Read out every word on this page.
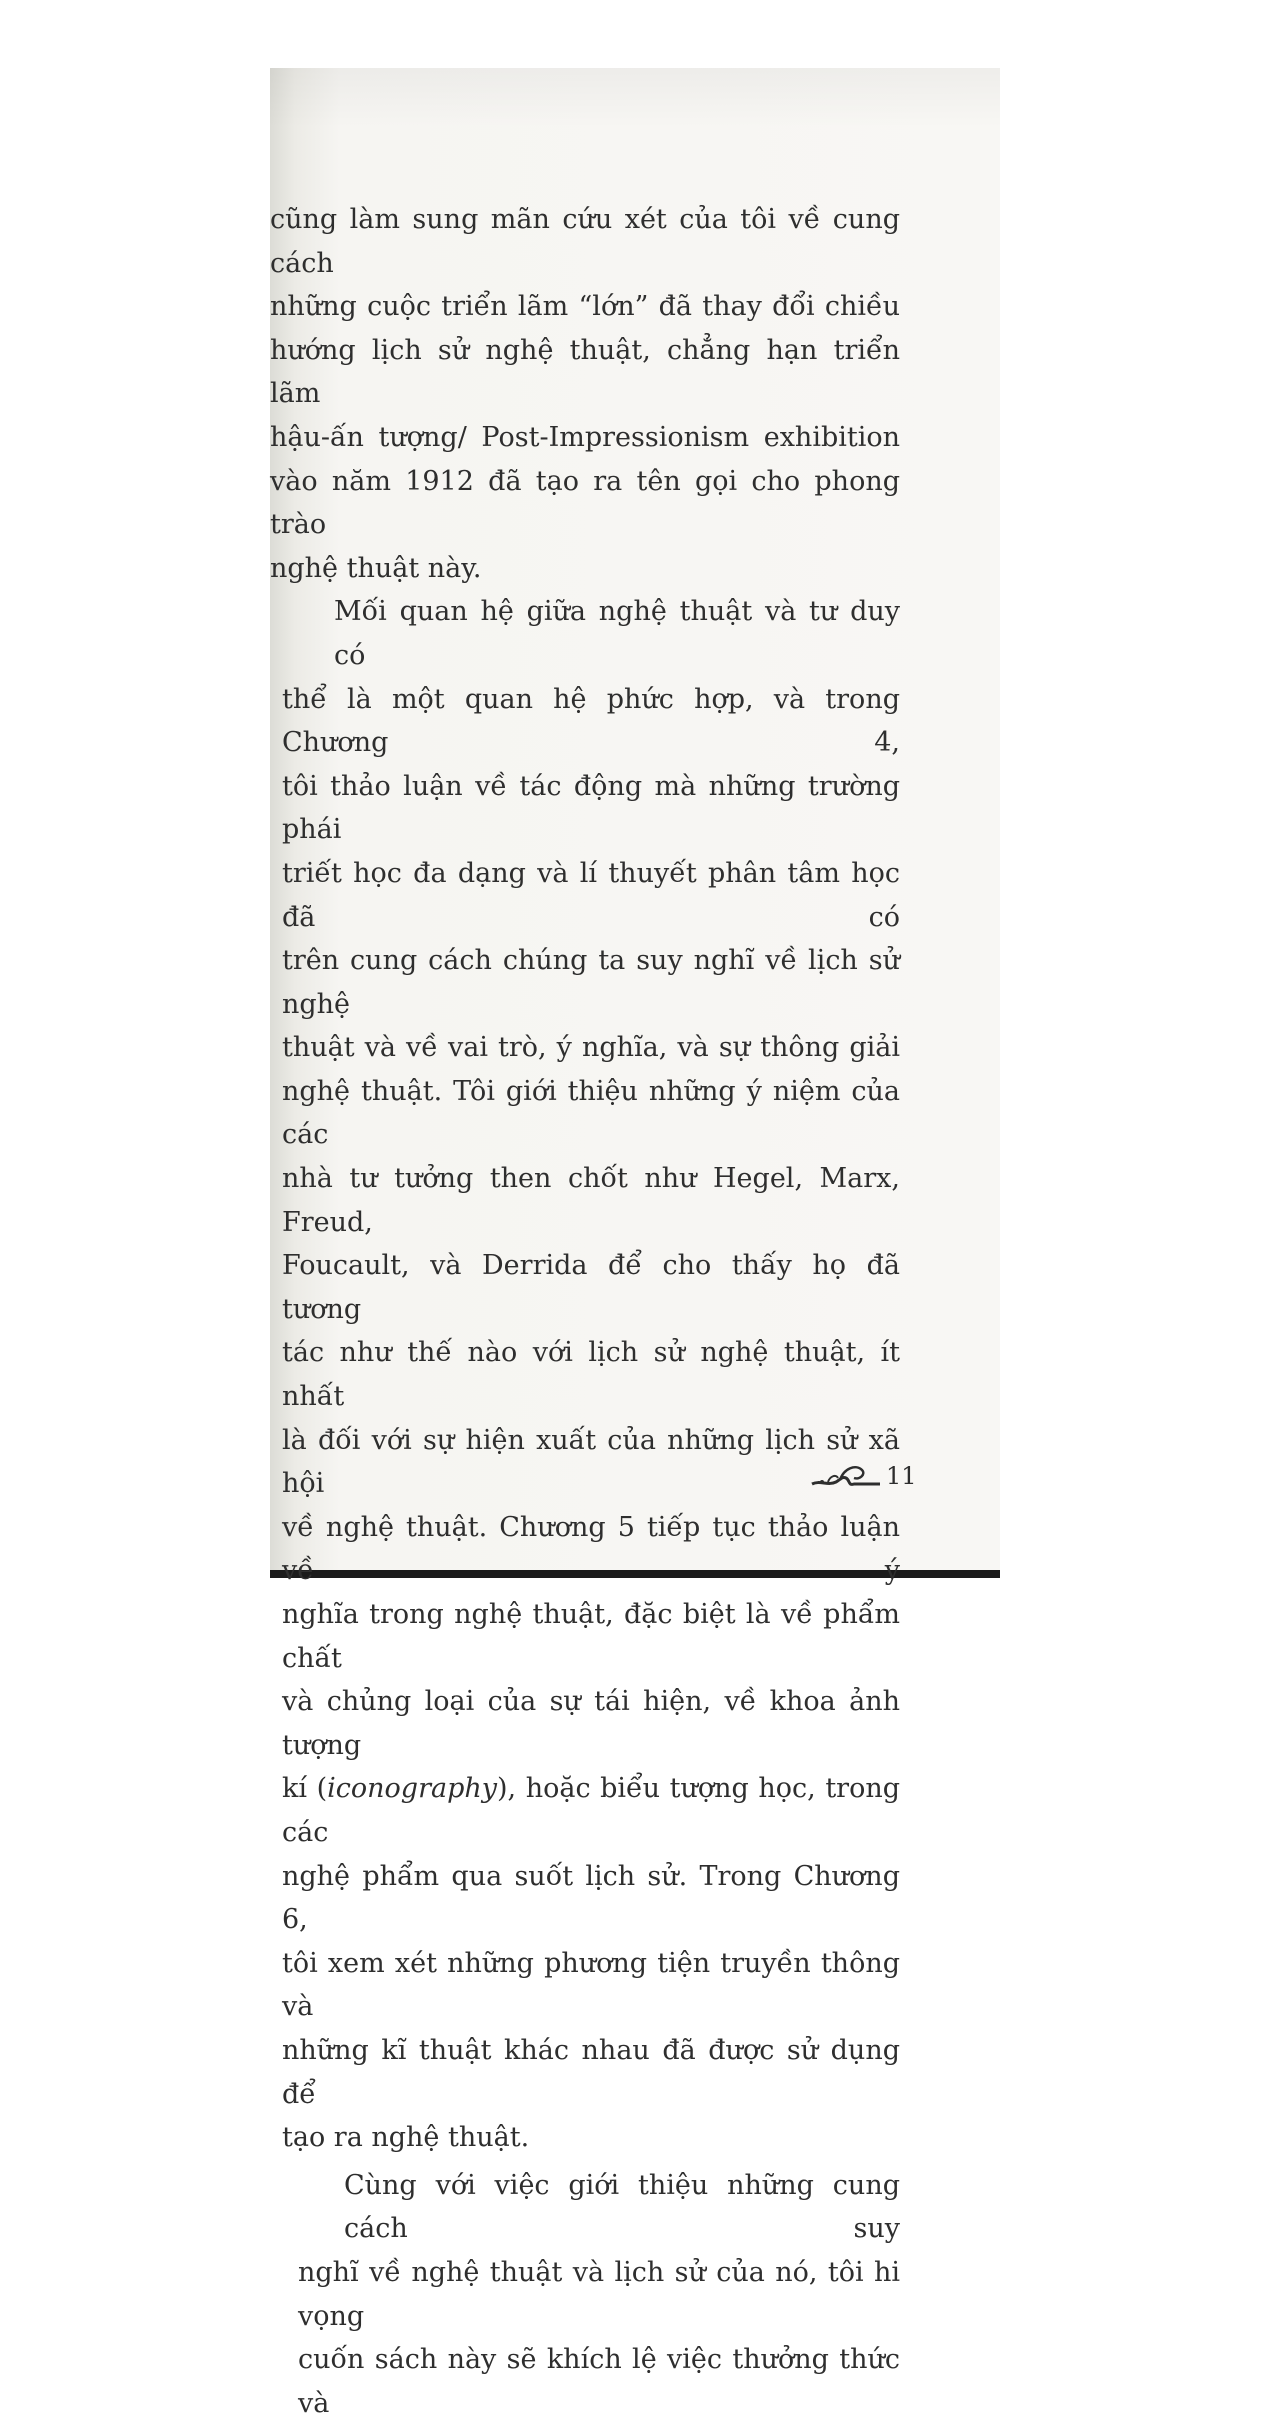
cũng làm sung mãn cứu xét của tôi về cung cách
những cuộc triển lãm “lớn” đã thay đổi chiều
hướng lịch sử nghệ thuật, chẳng hạn triển lãm
hậu-ấn tượng/ Post-Impressionism exhibition
vào năm 1912 đã tạo ra tên gọi cho phong trào
nghệ thuật này.

Mối quan hệ giữa nghệ thuật và tư duy có
thể là một quan hệ phức hợp, và trong Chương 4,
tôi thảo luận về tác động mà những trường phái
triết học đa dạng và lí thuyết phân tâm học đã có
trên cung cách chúng ta suy nghĩ về lịch sử nghệ
thuật và về vai trò, ý nghĩa, và sự thông giải
nghệ thuật. Tôi giới thiệu những ý niệm của các
nhà tư tưởng then chốt như Hegel, Marx, Freud,
Foucault, và Derrida để cho thấy họ đã tương
tác như thế nào với lịch sử nghệ thuật, ít nhất
là đối với sự hiện xuất của những lịch sử xã hội
về nghệ thuật. Chương 5 tiếp tục thảo luận về ý
nghĩa trong nghệ thuật, đặc biệt là về phẩm chất
và chủng loại của sự tái hiện, về khoa ảnh tượng
kí (iconography), hoặc biểu tượng học, trong các
nghệ phẩm qua suốt lịch sử. Trong Chương 6,
tôi xem xét những phương tiện truyền thông và
những kĩ thuật khác nhau đã được sử dụng để
tạo ra nghệ thuật.

Cùng với việc giới thiệu những cung cách suy
nghĩ về nghệ thuật và lịch sử của nó, tôi hi vọng
cuốn sách này sẽ khích lệ việc thưởng thức và

11
